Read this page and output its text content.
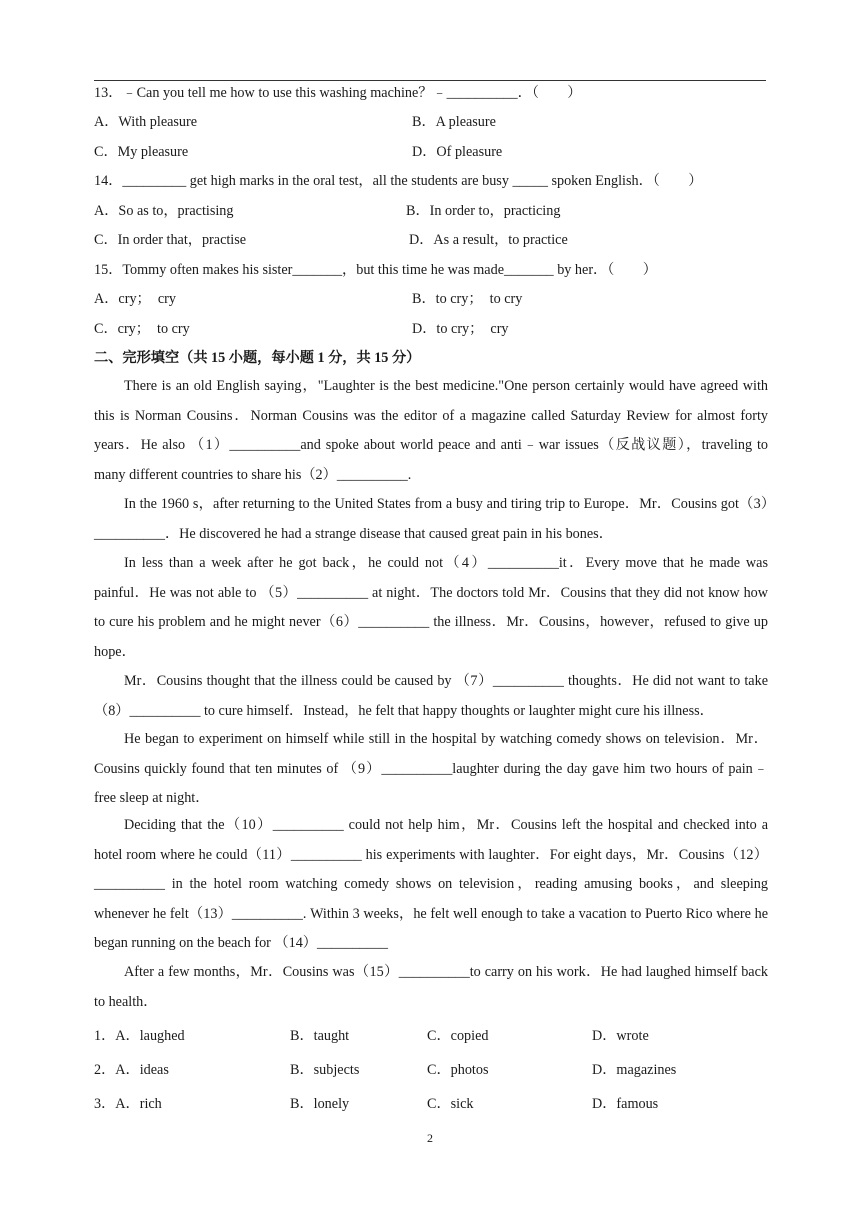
13．﹣Can you tell me how to use this washing machine？﹣__________．（　　）
A．With pleasure	B．A pleasure
C．My pleasure	D．Of pleasure
14．_________ get high marks in the oral test，all the students are busy _____ spoken English．（　　）
A．So as to，practising	B．In order to，practicing
C．In order that，practise	D．As a result，to practice
15．Tommy often makes his sister_______，but this time he was made_______ by her．（　　）
A．cry；　cry	B．to cry；　to cry
C．cry；　to cry	D．to cry；　cry
二、完形填空（共 15 小题，每小题 1 分，共 15 分）
There is an old English saying，"Laughter is the best medicine."One person certainly would have agreed with this is Norman Cousins．Norman Cousins was the editor of a magazine called Saturday Review for almost forty years．He also （1）__________and spoke about world peace and anti﹣war issues（反战议题），traveling to many different countries to share his（2）__________.
In the 1960 s，after returning to the United States from a busy and tiring trip to Europe．Mr．Cousins got（3）__________．He discovered he had a strange disease that caused great pain in his bones．
In less than a week after he got back，he could not（4）__________it．Every move that he made was painful．He was not able to （5）__________ at night．The doctors told Mr．Cousins that they did not know how to cure his problem and he might never（6）__________ the illness．Mr．Cousins，however，refused to give up hope．
Mr．Cousins thought that the illness could be caused by （7）__________ thoughts．He did not want to take（8）__________ to cure himself．Instead，he felt that happy thoughts or laughter might cure his illness．
He began to experiment on himself while still in the hospital by watching comedy shows on television．Mr．Cousins quickly found that ten minutes of （9）__________laughter during the day gave him two hours of pain﹣free sleep at night．
Deciding that the（10）__________ could not help him，Mr．Cousins left the hospital and checked into a hotel room where he could（11）__________ his experiments with laughter．For eight days，Mr．Cousins（12）__________ in the hotel room watching comedy shows on television，reading amusing books，and sleeping whenever he felt（13）__________. Within 3 weeks，he felt well enough to take a vacation to Puerto Rico where he began running on the beach for （14）__________
After a few months，Mr．Cousins was（15）__________to carry on his work．He had laughed himself back to health．
1．A．laughed	B．taught	C．copied	D．wrote
2．A．ideas	B．subjects	C．photos	D．magazines
3．A．rich	B．lonely	C．sick	D．famous
2
